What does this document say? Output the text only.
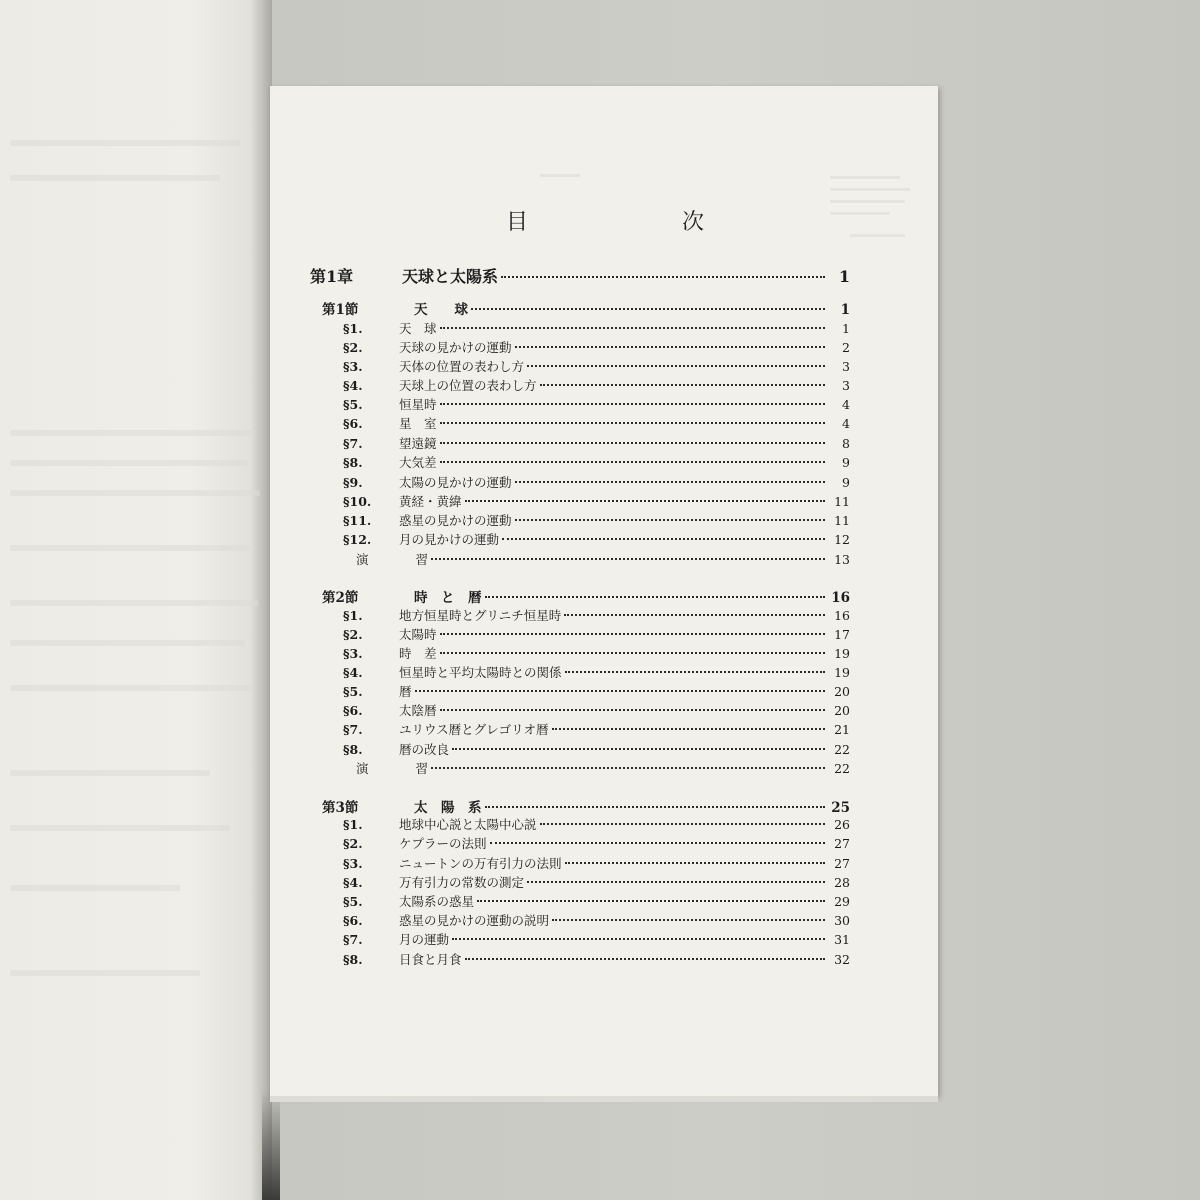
目	次
第1章	天球と太陽系	1
第1節	天　　球	1
§1.	天　球	1
§2.	天球の見かけの運動	2
§3.	天体の位置の表わし方	3
§4.	天球上の位置の表わし方	3
§5.	恒星時	4
§6.	星　室	4
§7.	望遠鏡	8
§8.	大気差	9
§9.	太陽の見かけの運動	9
§10.	黄経・黄緯	11
§11.	惑星の見かけの運動	11
§12.	月の見かけの運動	12
演	習	13
第2節	時　と　暦	16
§1.	地方恒星時とグリニチ恒星時	16
§2.	太陽時	17
§3.	時　差	19
§4.	恒星時と平均太陽時との関係	19
§5.	暦	20
§6.	太陰暦	20
§7.	ユリウス暦とグレゴリオ暦	21
§8.	暦の改良	22
演	習	22
第3節	太　陽　系	25
§1.	地球中心説と太陽中心説	26
§2.	ケプラーの法則	27
§3.	ニュートンの万有引力の法則	27
§4.	万有引力の常数の測定	28
§5.	太陽系の惑星	29
§6.	惑星の見かけの運動の説明	30
§7.	月の運動	31
§8.	日食と月食	32
